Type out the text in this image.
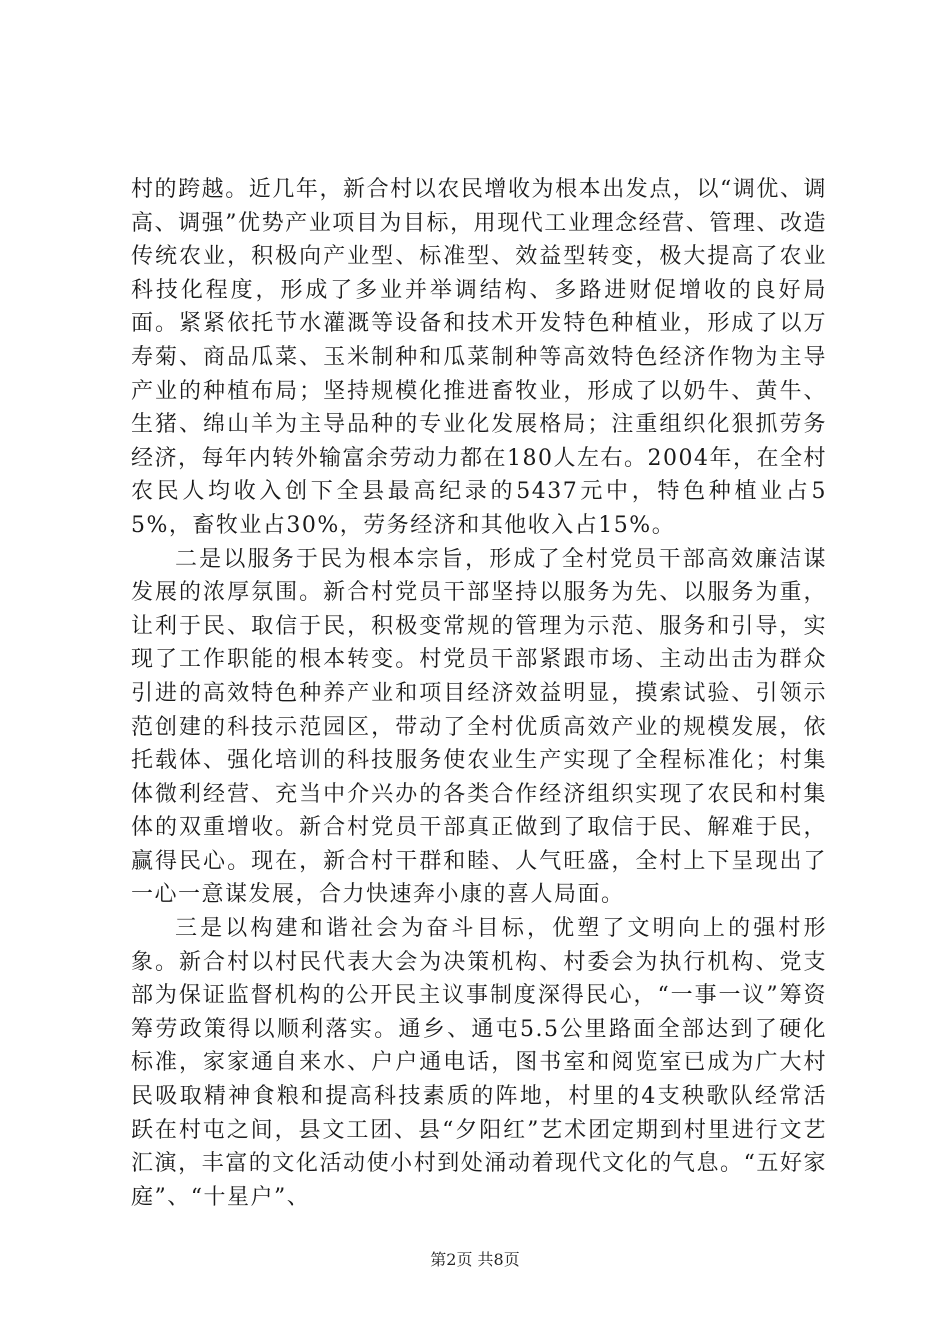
村的跨越。近几年，新合村以农民增收为根本出发点，以“调优、调高、调强”优势产业项目为目标，用现代工业理念经营、管理、改造传统农业，积极向产业型、标准型、效益型转变，极大提高了农业科技化程度，形成了多业并举调结构、多路进财促增收的良好局面。紧紧依托节水灌溉等设备和技术开发特色种植业，形成了以万寿菊、商品瓜菜、玉米制种和瓜菜制种等高效特色经济作物为主导产业的种植布局；坚持规模化推进畜牧业，形成了以奶牛、黄牛、生猪、绵山羊为主导品种的专业化发展格局；注重组织化狠抓劳务经济，每年内转外输富余劳动力都在180人左右。2004年，在全村农民人均收入创下全县最高纪录的5437元中，特色种植业占55%，畜牧业占30%，劳务经济和其他收入占15%。

二是以服务于民为根本宗旨，形成了全村党员干部高效廉洁谋发展的浓厚氛围。新合村党员干部坚持以服务为先、以服务为重，让利于民、取信于民，积极变常规的管理为示范、服务和引导，实现了工作职能的根本转变。村党员干部紧跟市场、主动出击为群众引进的高效特色种养产业和项目经济效益明显，摸索试验、引领示范创建的科技示范园区，带动了全村优质高效产业的规模发展，依托载体、强化培训的科技服务使农业生产实现了全程标准化；村集体微利经营、充当中介兴办的各类合作经济组织实现了农民和村集体的双重增收。新合村党员干部真正做到了取信于民、解难于民，赢得民心。现在，新合村干群和睦、人气旺盛，全村上下呈现出了一心一意谋发展，合力快速奔小康的喜人局面。

三是以构建和谐社会为奋斗目标，优塑了文明向上的强村形象。新合村以村民代表大会为决策机构、村委会为执行机构、党支部为保证监督机构的公开民主议事制度深得民心，“一事一议”筹资筹劳政策得以顺利落实。通乡、通屯5.5公里路面全部达到了硬化标准，家家通自来水、户户通电话，图书室和阅览室已成为广大村民吸取精神食粮和提高科技素质的阵地，村里的4支秧歌队经常活跃在村屯之间，县文工团、县“夕阳红”艺术团定期到村里进行文艺汇演，丰富的文化活动使小村到处涌动着现代文化的气息。“五好家庭”、“十星户”、

第2页 共8页
